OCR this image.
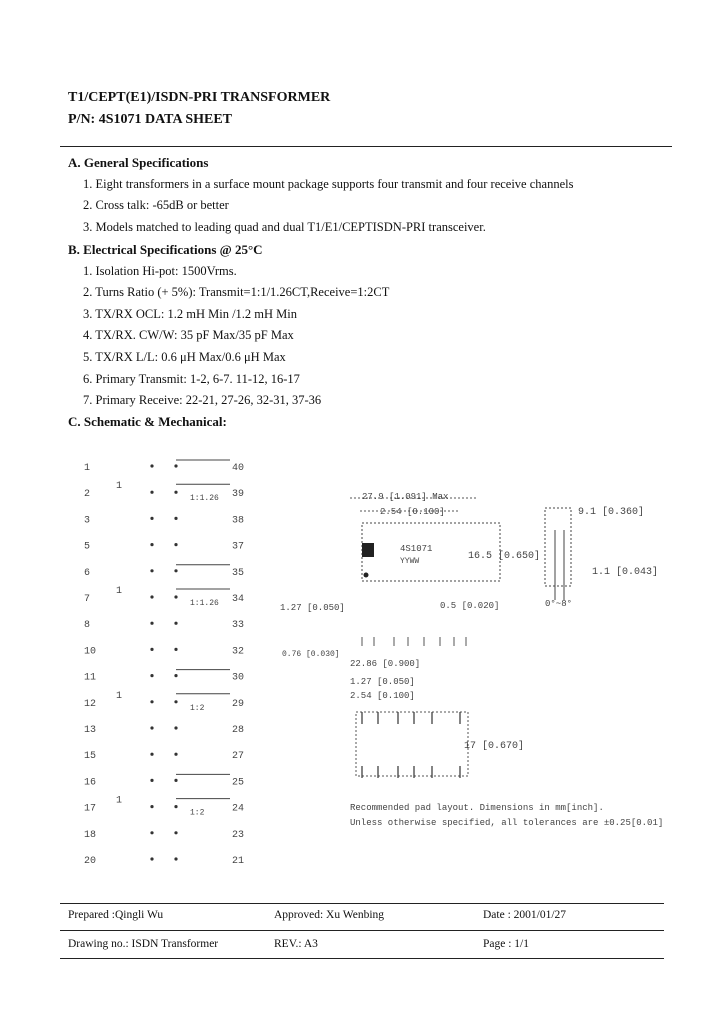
T1/CEPT(E1)/ISDN-PRI TRANSFORMER
P/N: 4S1071 DATA SHEET
A. General Specifications
1. Eight transformers in a surface mount package supports four transmit and four receive channels
2. Cross talk: -65dB or better
3. Models matched to leading quad and dual T1/E1/CEPTISDN-PRI transceiver.
B. Electrical Specifications @ 25°C
1. Isolation Hi-pot: 1500Vrms.
2. Turns Ratio (+ 5%): Transmit=1:1/1.26CT,Receive=1:2CT
3. TX/RX OCL: 1.2 mH Min /1.2 mH Min
4. TX/RX. CW/W: 35 pF Max/35 pF Max
5. TX/RX L/L: 0.6 μH Max/0.6 μH Max
6. Primary Transmit: 1-2, 6-7. 11-12, 16-17
7. Primary Receive: 22-21, 27-26, 32-31, 37-36
C. Schematic & Mechanical:
1
2
3
5
6
7
8
10
11
12
13
15
16
17
18
20
40
39
38
37
35
34
33
32
30
29
28
27
25
24
23
21
1:1.26
1
1:1.26
1
1:2
1
1:2
1
27.9 [1.091] Max
2.54 [0.100]
16.5 [0.650]
4S1071
YYWW
9.1 [0.360]
1.1 [0.043]
0°~8°
1.27 [0.050]	0.5 [0.020]
0.76 [0.030]
22.86 [0.900]
1.27 [0.050]
2.54 [0.100]
17 [0.670]
Recommended pad layout. Dimensions in mm[inch].
Unless otherwise specified, all tolerances are ±0.25[0.01]
Prepared :Qingli Wu	Approved: Xu Wenbing	Date : 2001/01/27
Drawing no.: ISDN Transformer	REV.: A3	Page : 1/1
